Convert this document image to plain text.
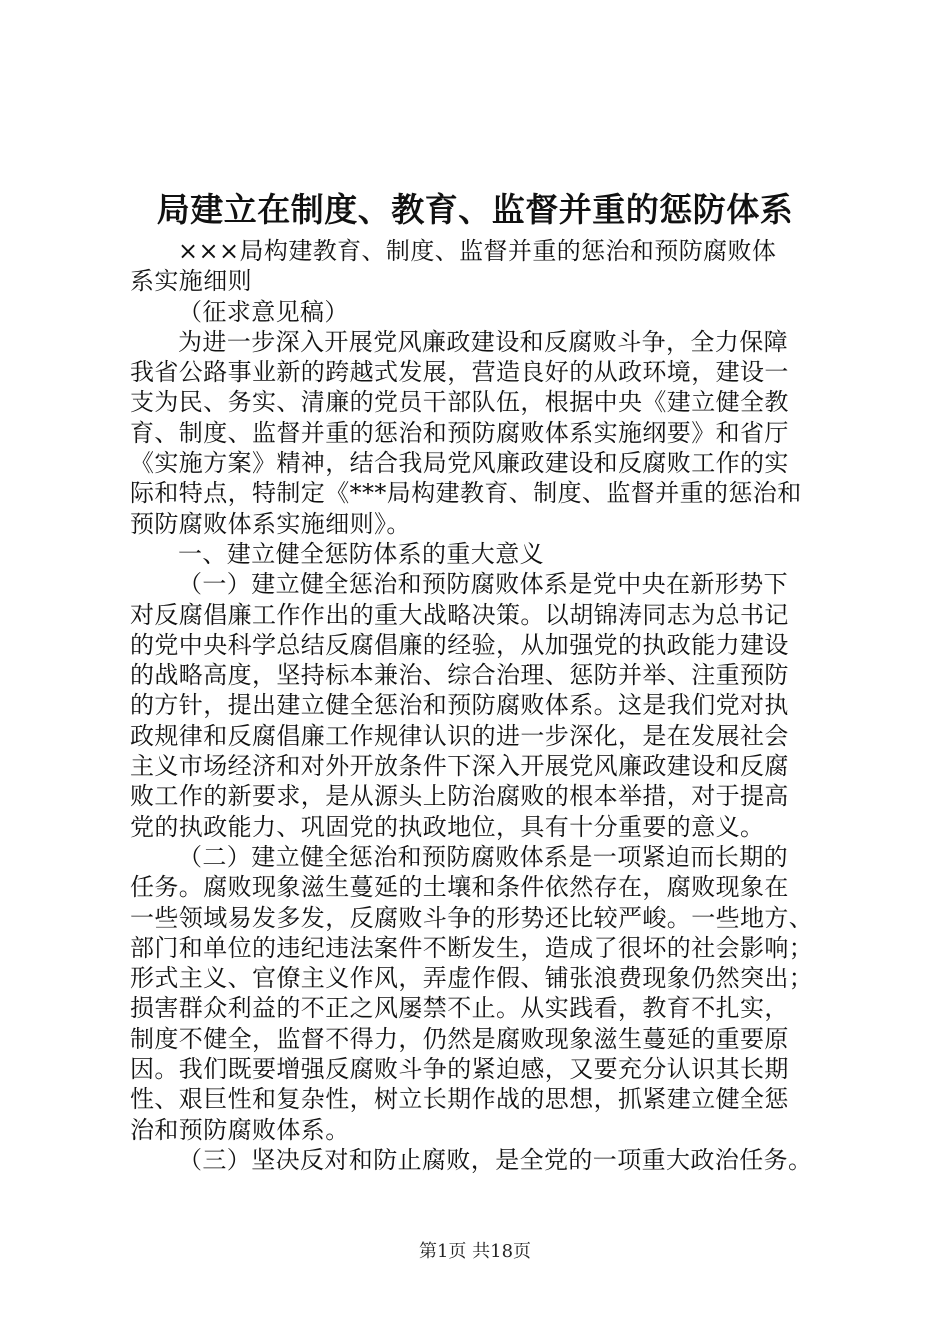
局建立在制度、教育、监督并重的惩防体系
×××局构建教育、制度、监督并重的惩治和预防腐败体
系实施细则
（征求意见稿）
为进一步深入开展党风廉政建设和反腐败斗争，全力保障
我省公路事业新的跨越式发展，营造良好的从政环境，建设一
支为民、务实、清廉的党员干部队伍，根据中央《建立健全教
育、制度、监督并重的惩治和预防腐败体系实施纲要》和省厅
《实施方案》精神，结合我局党风廉政建设和反腐败工作的实
际和特点，特制定《***局构建教育、制度、监督并重的惩治和
预防腐败体系实施细则》。
一、建立健全惩防体系的重大意义
（一）建立健全惩治和预防腐败体系是党中央在新形势下
对反腐倡廉工作作出的重大战略决策。以胡锦涛同志为总书记
的党中央科学总结反腐倡廉的经验，从加强党的执政能力建设
的战略高度，坚持标本兼治、综合治理、惩防并举、注重预防
的方针，提出建立健全惩治和预防腐败体系。这是我们党对执
政规律和反腐倡廉工作规律认识的进一步深化，是在发展社会
主义市场经济和对外开放条件下深入开展党风廉政建设和反腐
败工作的新要求，是从源头上防治腐败的根本举措，对于提高
党的执政能力、巩固党的执政地位，具有十分重要的意义。
（二）建立健全惩治和预防腐败体系是一项紧迫而长期的
任务。腐败现象滋生蔓延的土壤和条件依然存在，腐败现象在
一些领域易发多发，反腐败斗争的形势还比较严峻。一些地方、
部门和单位的违纪违法案件不断发生，造成了很坏的社会影响；
形式主义、官僚主义作风，弄虚作假、铺张浪费现象仍然突出；
损害群众利益的不正之风屡禁不止。从实践看，教育不扎实，
制度不健全，监督不得力，仍然是腐败现象滋生蔓延的重要原
因。我们既要增强反腐败斗争的紧迫感，又要充分认识其长期
性、艰巨性和复杂性，树立长期作战的思想，抓紧建立健全惩
治和预防腐败体系。
（三）坚决反对和防止腐败，是全党的一项重大政治任务。
第1页 共18页
